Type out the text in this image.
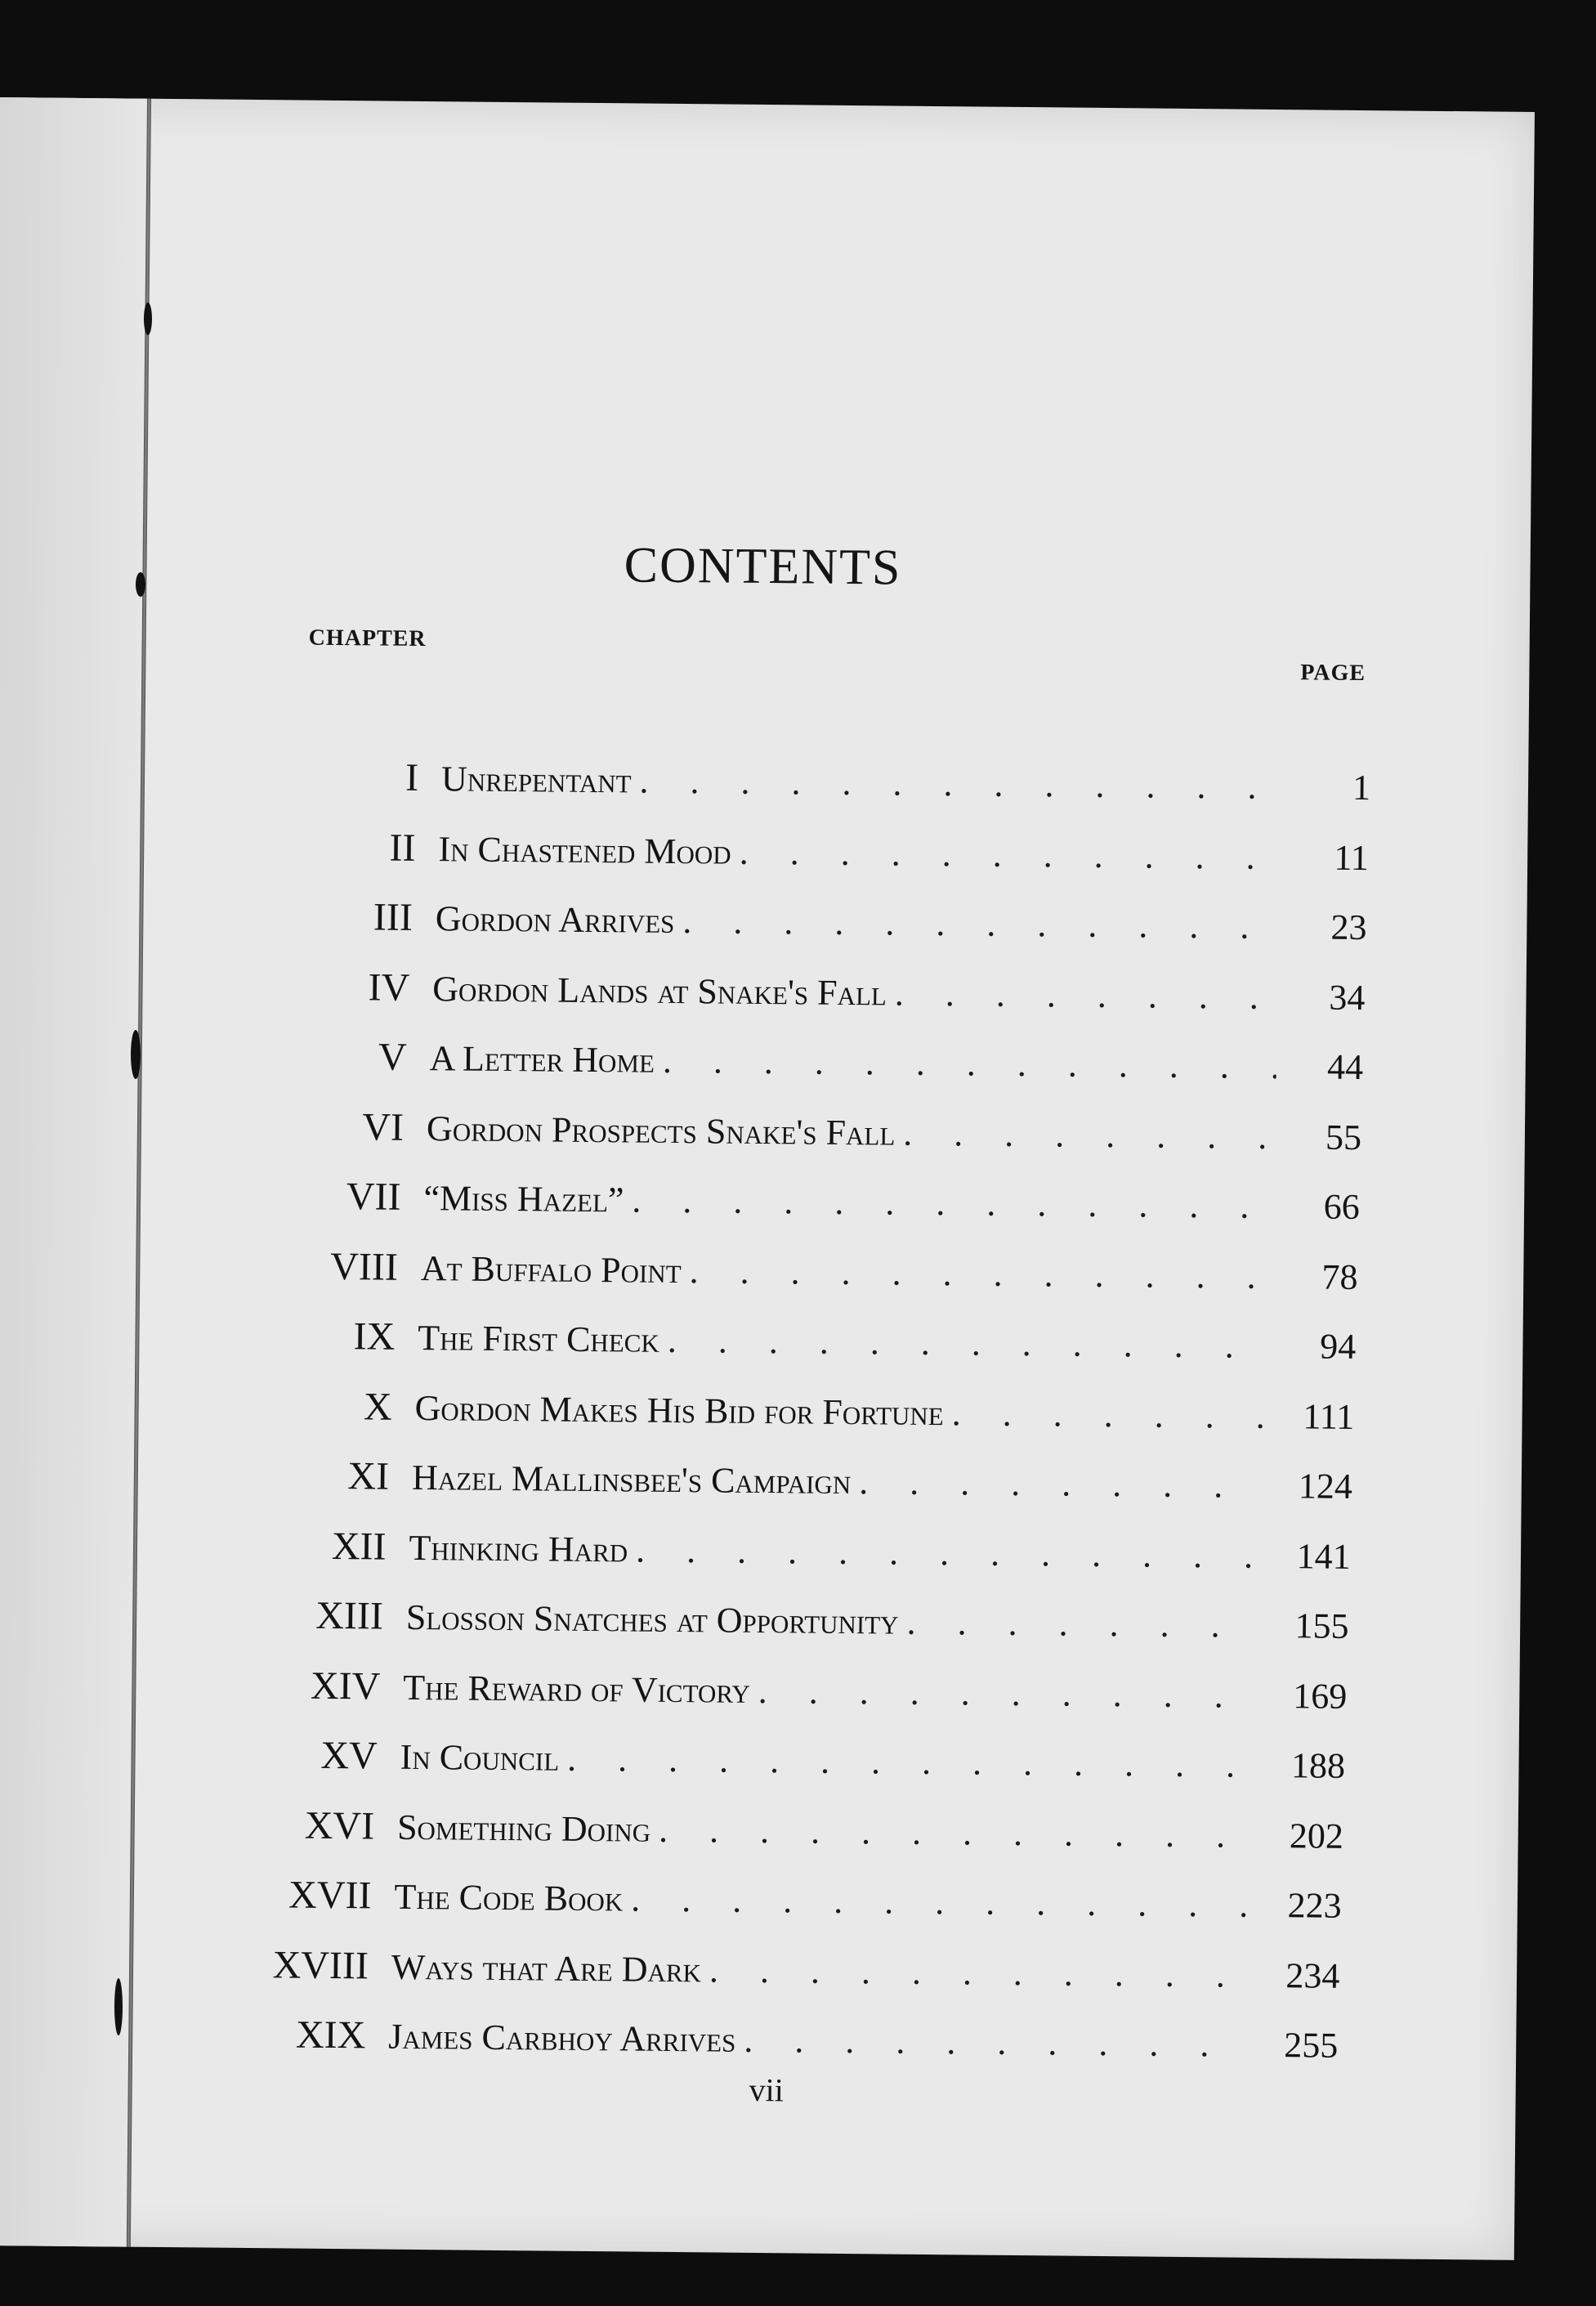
CONTENTS
CHAPTER
PAGE
I Unrepentant . . .	1
II In Chastened Mood . . .	11
III Gordon Arrives . . .	23
IV Gordon Lands at Snake's Fall . . .	34
V A Letter Home . . .	44
VI Gordon Prospects Snake's Fall . . .	55
VII “Miss Hazel” . . .	66
VIII At Buffalo Point . . .	78
IX The First Check . . .	94
X Gordon Makes His Bid for Fortune . . .	111
XI Hazel Mallinsbee's Campaign . . .	124
XII Thinking Hard . . .	141
XIII Slosson Snatches at Opportunity . . .	155
XIV The Reward of Victory . . .	169
XV In Council . . .	188
XVI Something Doing . . .	202
XVII The Code Book . . .	223
XVIII Ways that Are Dark . . .	234
XIX James Carbhoy Arrives . . .	255
vii
